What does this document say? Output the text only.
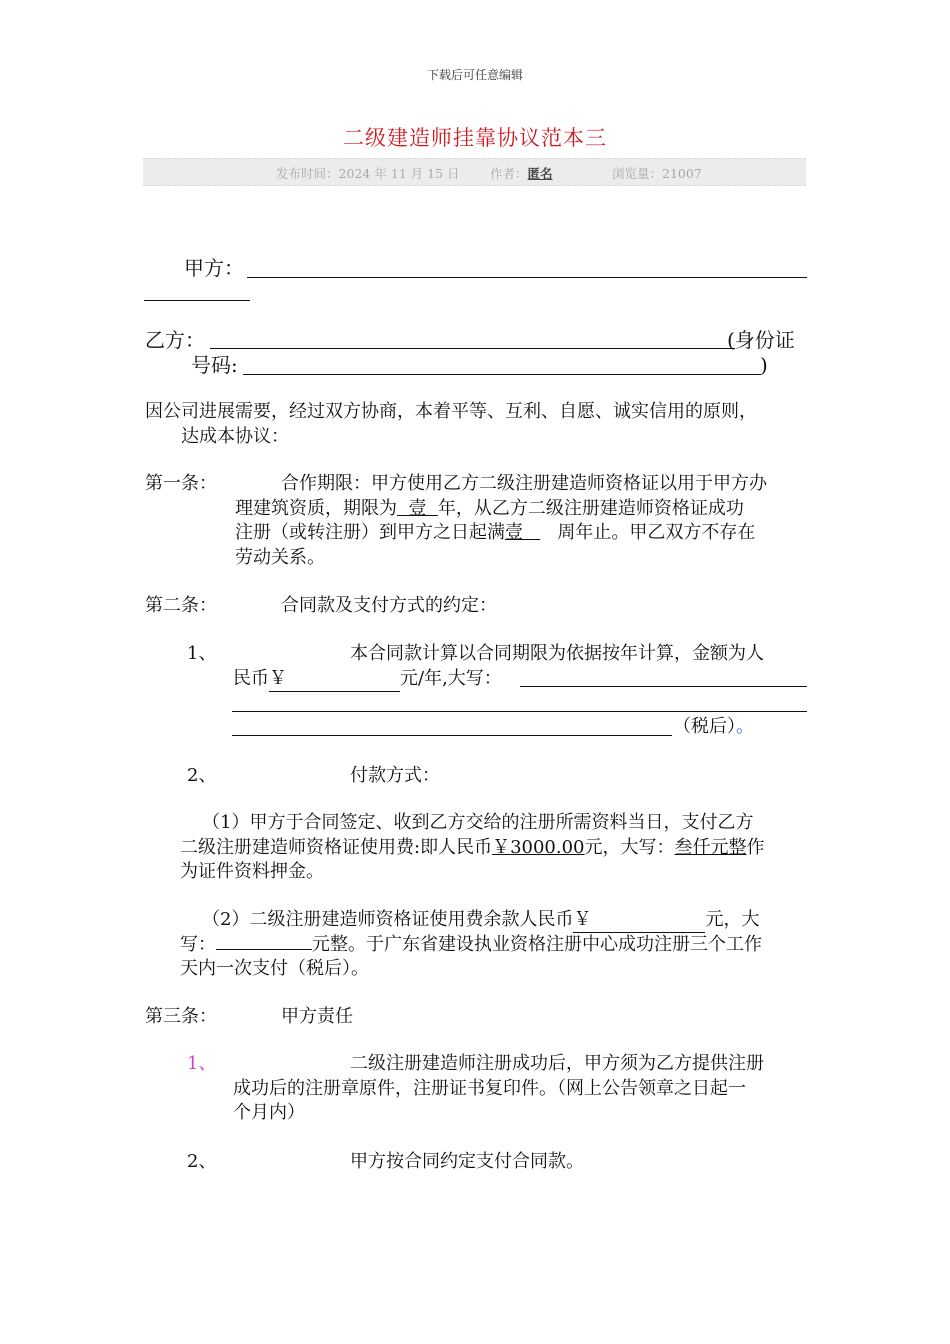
下载后可任意编辑
二级建造师挂靠协议范本三
发布时间：2024 年 11 月 15 日 作者：匿名	浏览量：21007
甲方：
乙方：	(身份证
号码:	)
因公司进展需要，经过双方协商，本着平等、互利、自愿、诚实信用的原则，
达成本协议：
第一条：	合作期限：甲方使用乙方二级注册建造师资格证以用于甲方办
理建筑资质，期限为  壹  年，从乙方二级注册建造师资格证成功
注册（或转注册）到甲方之日起满壹      周年止。甲乙双方不存在
劳动关系。
第二条：	合同款及支付方式的约定：
1、	本合同款计算以合同期限为依据按年计算，金额为人
民币￥	元/年,大写：
（税后）。
2、	付款方式：
（1）甲方于合同签定、收到乙方交给的注册所需资料当日，支付乙方
二级注册建造师资格证使用费:即人民币￥3000.00元，大写：叁仟元整作
为证件资料押金。
（2）二级注册建造师资格证使用费余款人民币￥	元，大
写：	元整。于广东省建设执业资格注册中心成功注册三个工作
天内一次支付（税后）。
第三条：	甲方责任
1、	二级注册建造师注册成功后，甲方须为乙方提供注册
成功后的注册章原件，注册证书复印件。（网上公告领章之日起一
个月内）
2、	甲方按合同约定支付合同款。
